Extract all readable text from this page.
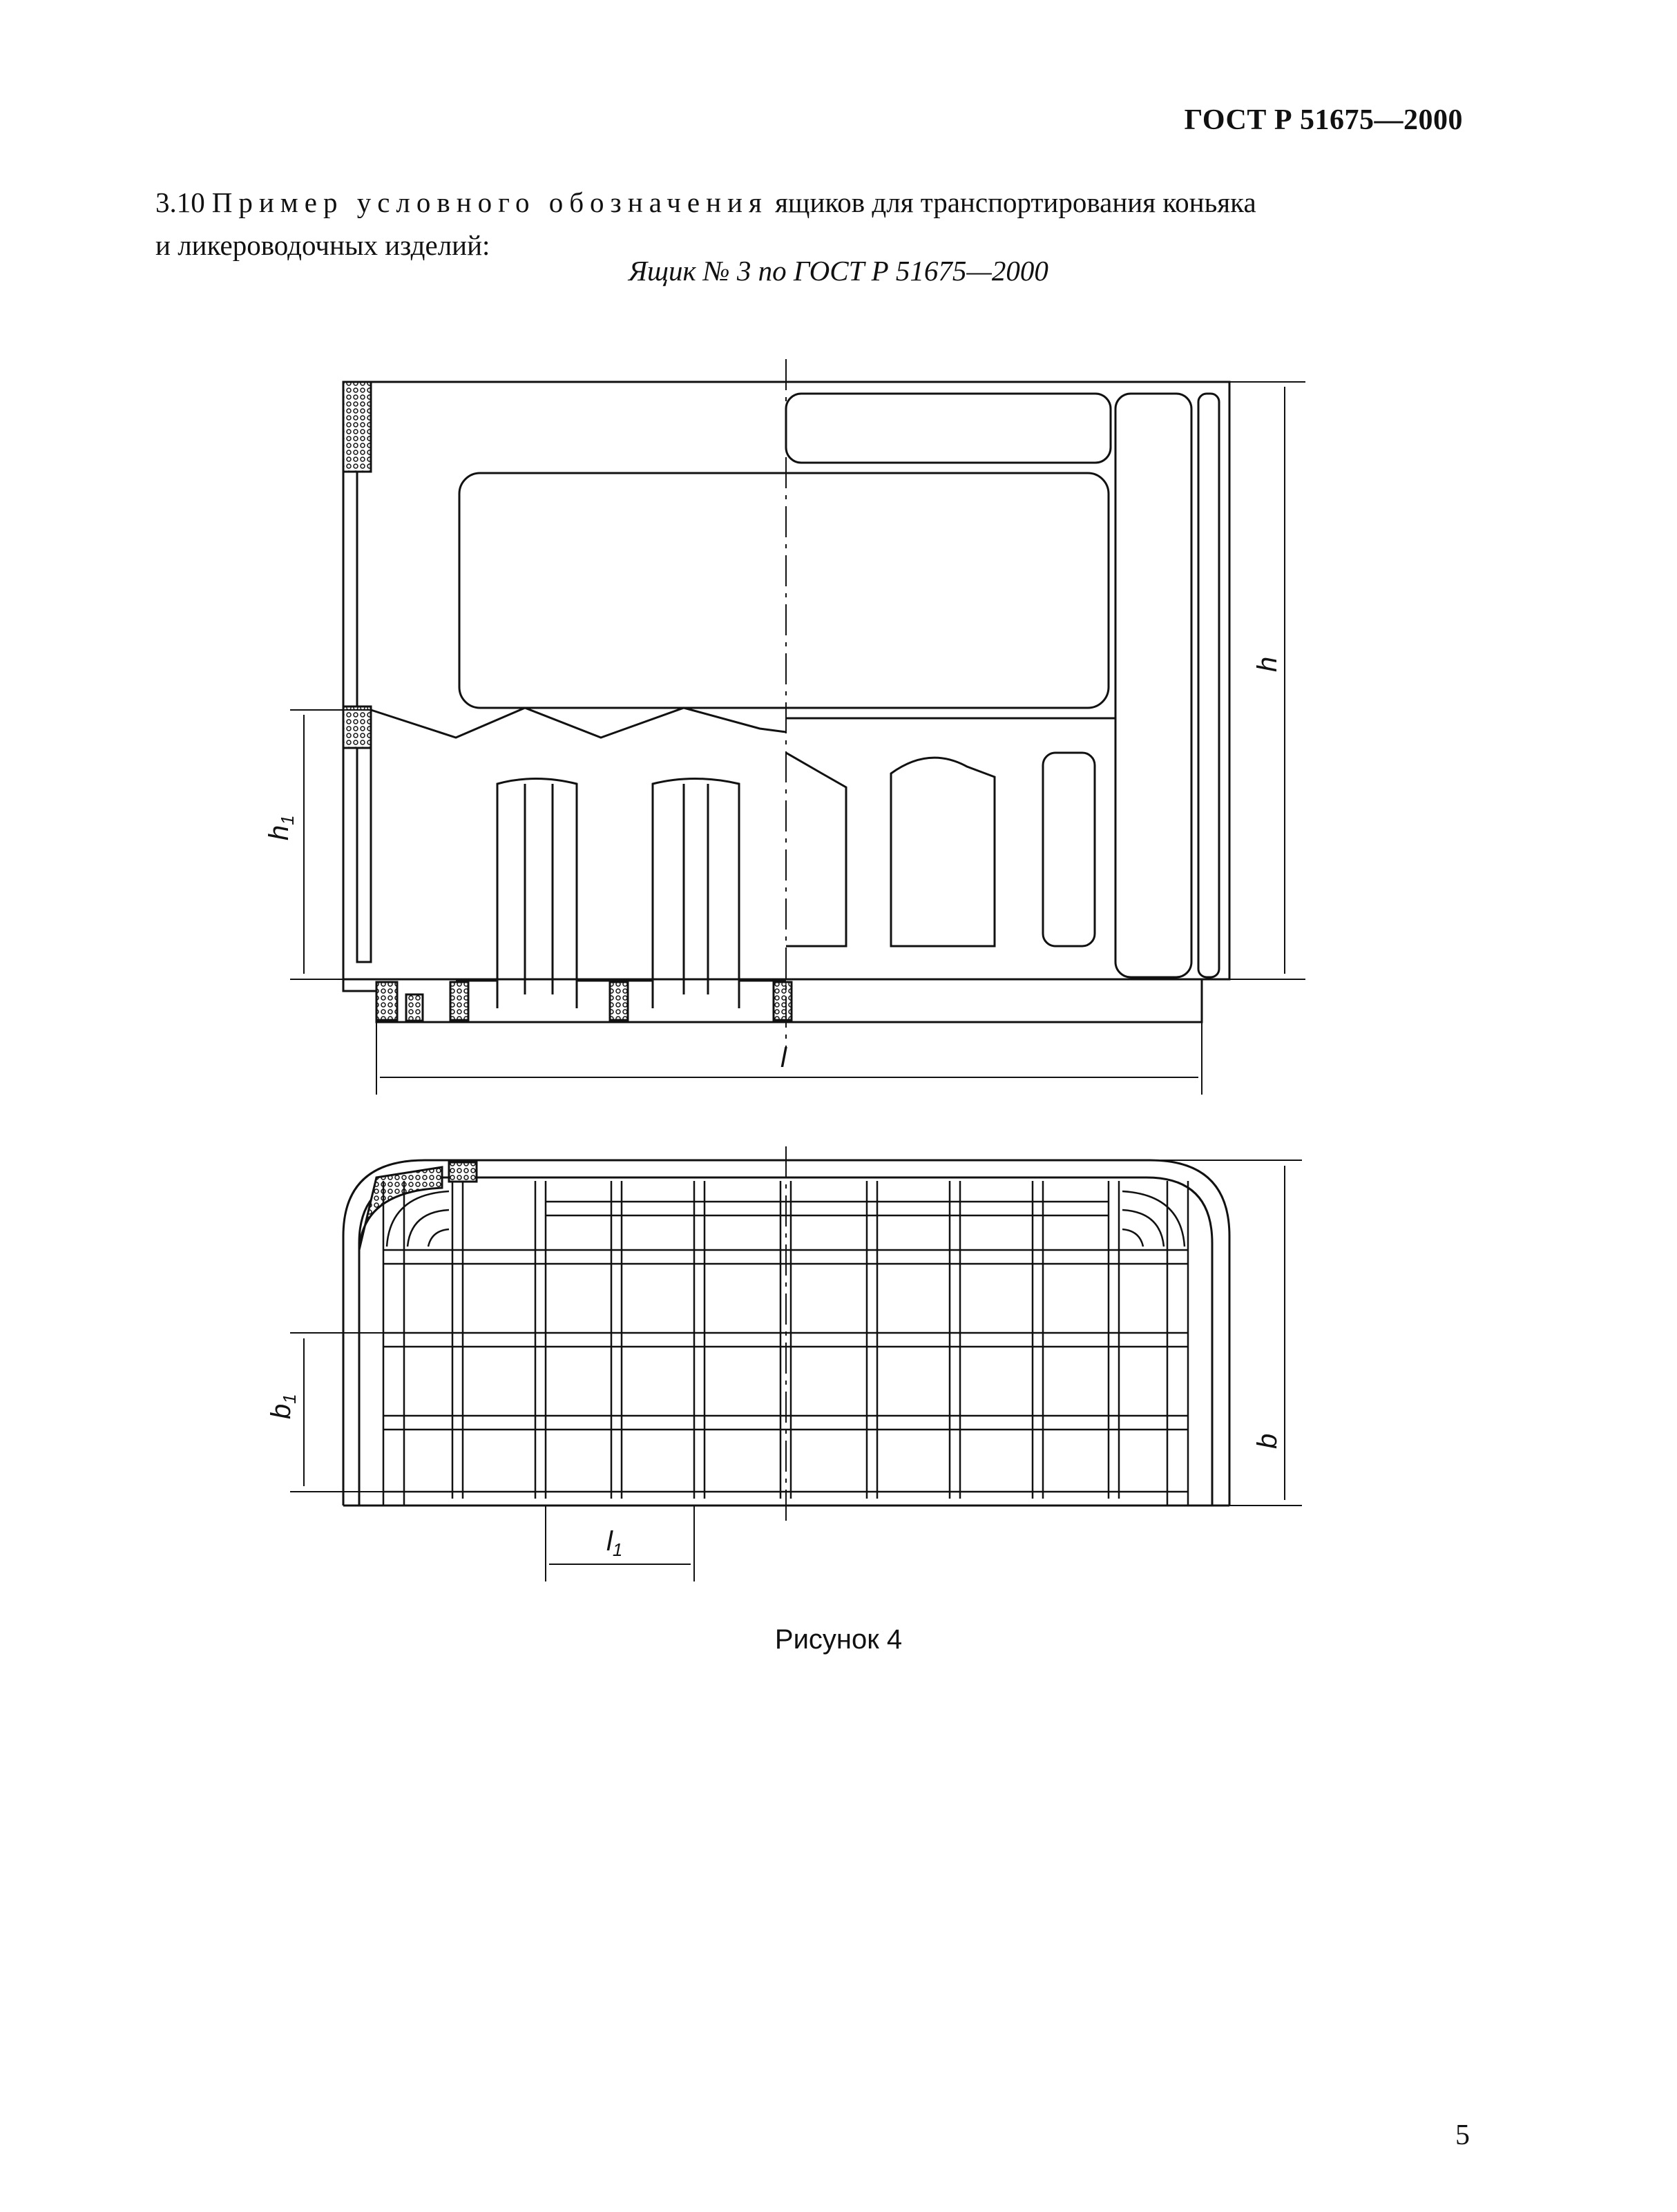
ГОСТ Р 51675—2000
3.10 Пример условного обозначения ящиков для транспортирования коньяка
и ликероводочных изделий:
Ящик № 3 по ГОСТ Р 51675—2000
h
$h_1$
l
b
$b_1$
$l_1$
Рисунок 4
5
